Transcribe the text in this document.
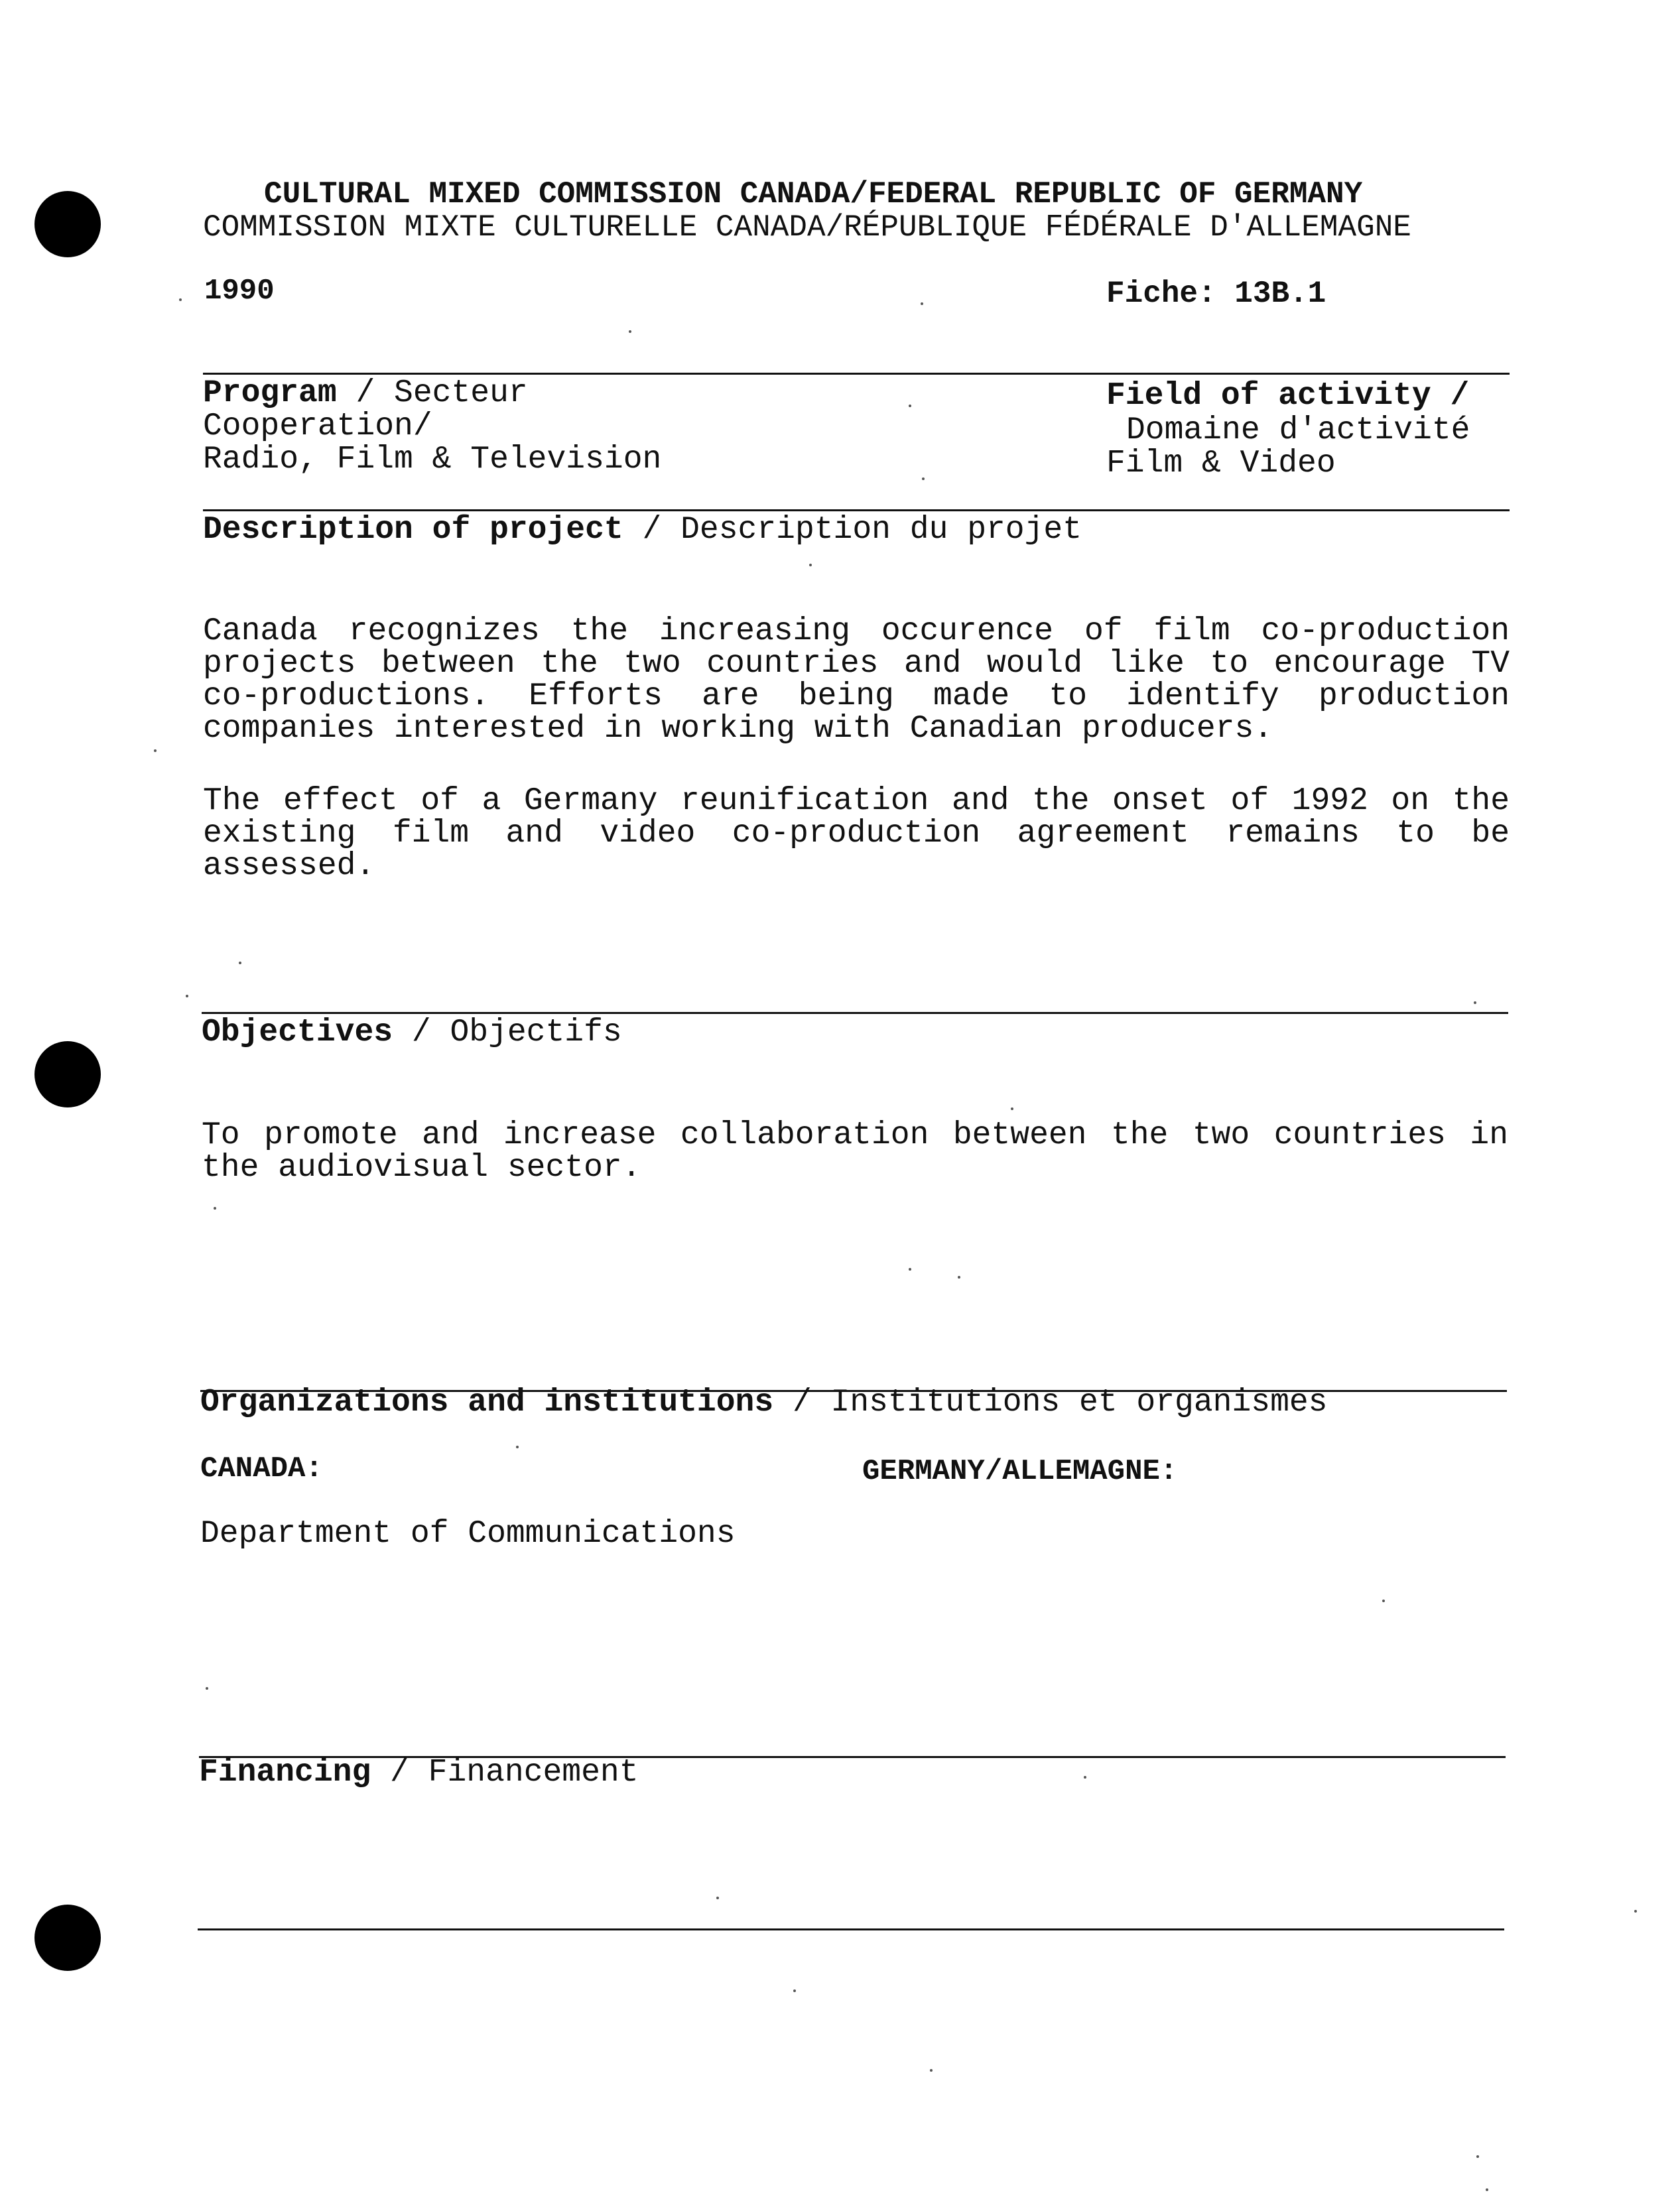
CULTURAL MIXED COMMISSION CANADA/FEDERAL REPUBLIC OF GERMANY
COMMISSION MIXTE CULTURELLE CANADA/RÉPUBLIQUE FÉDÉRALE D'ALLEMAGNE
1990	Fiche: 13B.1
Program / Secteur
Cooperation/
Radio, Film & Television
Field of activity /
Domaine d'activité
Film & Video
Description of project / Description du projet
Canada recognizes the increasing occurence of film co-production projects between the two countries and would like to encourage TV co-productions. Efforts are being made to identify production companies interested in working with Canadian producers.
The effect of a Germany reunification and the onset of 1992 on the existing film and video co-production agreement remains to be assessed.
Objectives / Objectifs
To promote and increase collaboration between the two countries in the audiovisual sector.
Organizations and institutions / Institutions et organismes
CANADA:	GERMANY/ALLEMAGNE:
Department of Communications
Financing / Financement
